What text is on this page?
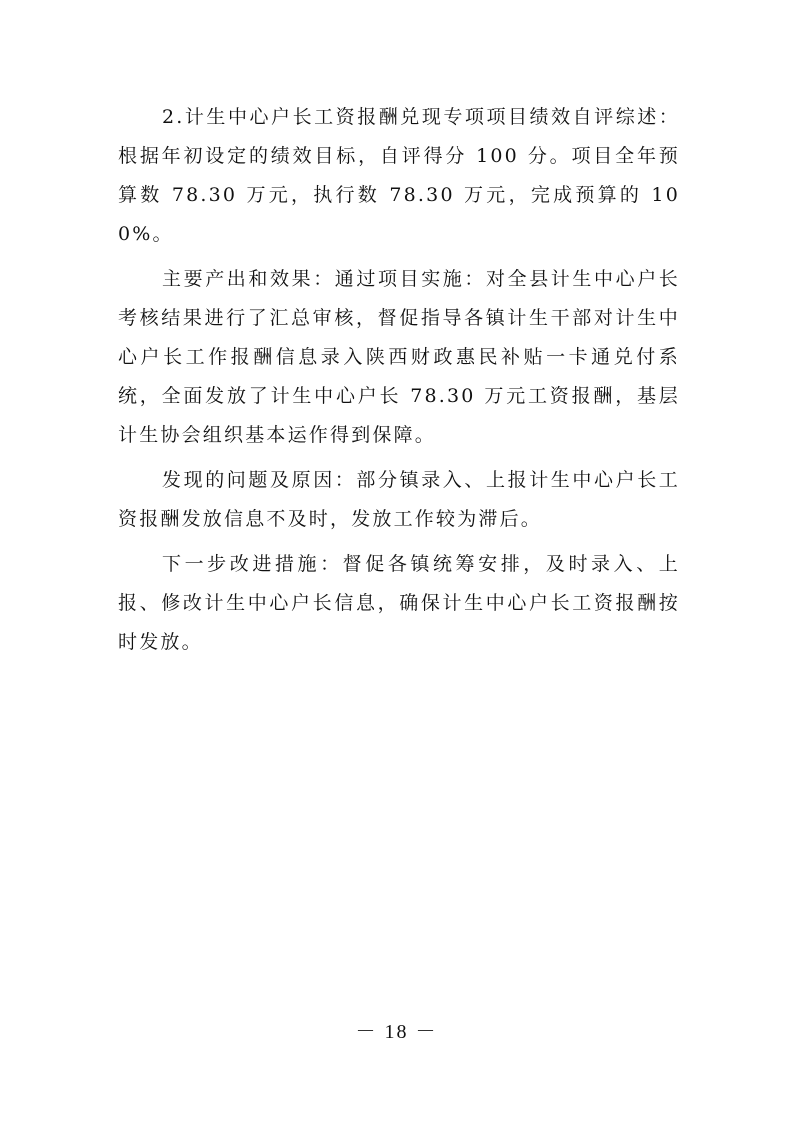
2.计生中心户长工资报酬兑现专项项目绩效自评综述：根据年初设定的绩效目标，自评得分 100 分。项目全年预算数 78.30 万元，执行数 78.30 万元，完成预算的 100%。

主要产出和效果：通过项目实施：对全县计生中心户长考核结果进行了汇总审核，督促指导各镇计生干部对计生中心户长工作报酬信息录入陕西财政惠民补贴一卡通兑付系统，全面发放了计生中心户长 78.30 万元工资报酬，基层计生协会组织基本运作得到保障。

发现的问题及原因：部分镇录入、上报计生中心户长工资报酬发放信息不及时，发放工作较为滞后。

下一步改进措施：督促各镇统筹安排，及时录入、上报、修改计生中心户长信息，确保计生中心户长工资报酬按时发放。

－ 18 －
